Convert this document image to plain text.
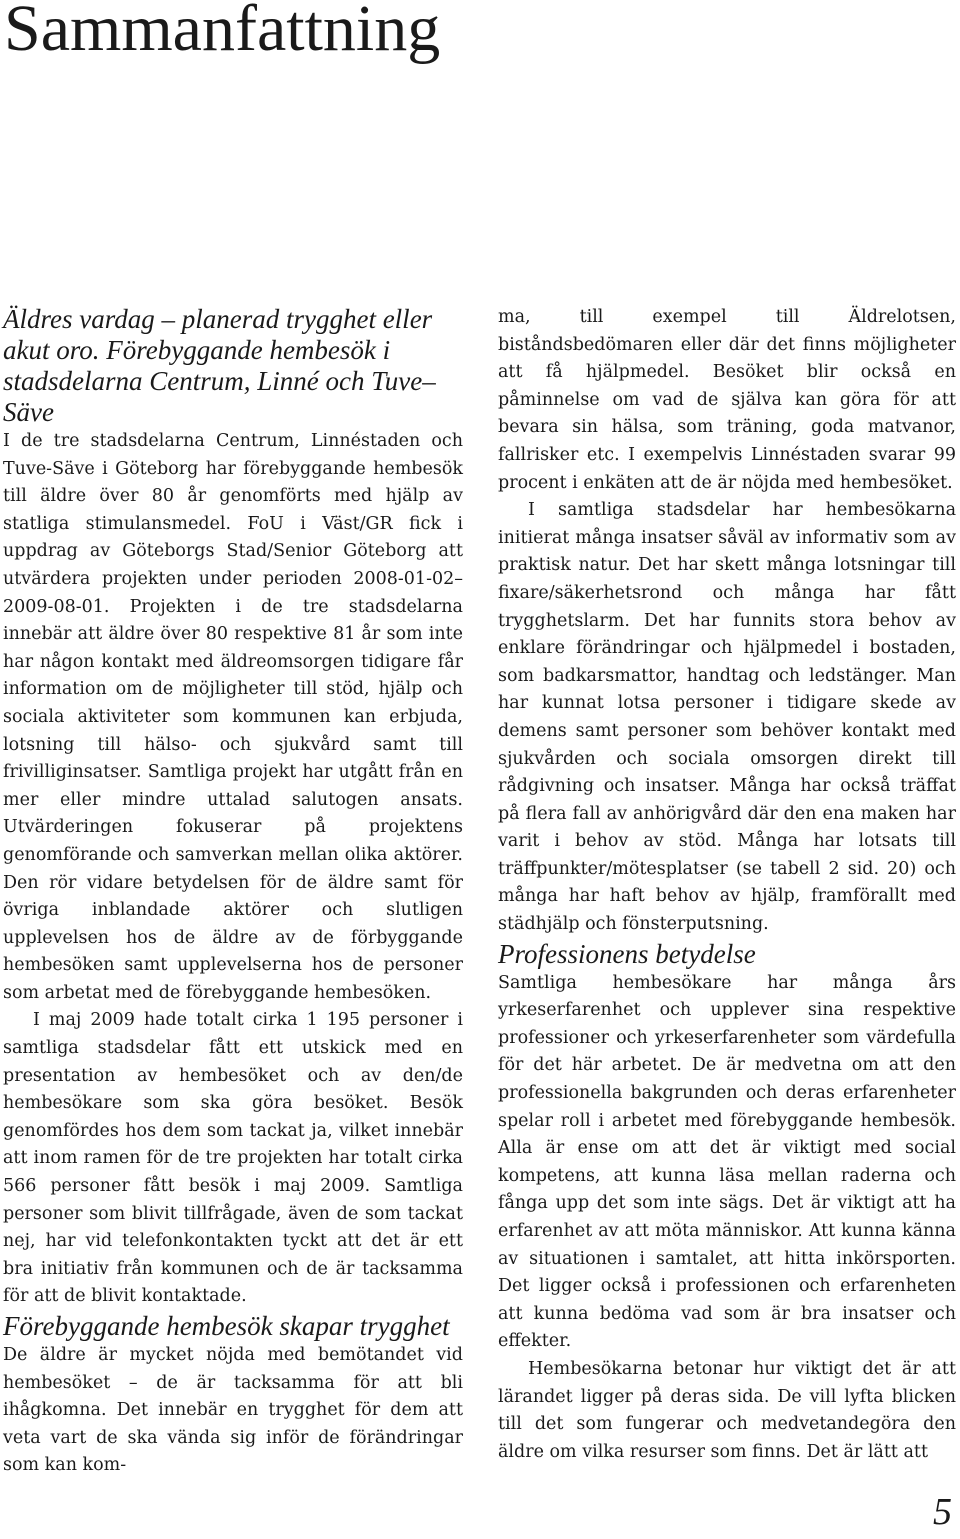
Sammanfattning
Äldres vardag – planerad trygghet eller akut oro. Förebyggande hembesök i stadsdelarna Centrum, Linné och Tuve–Säve

I de tre stadsdelarna Centrum, Linnéstaden och Tuve-Säve i Göteborg har förebyggande hembesök till äldre över 80 år genomförts med hjälp av statliga stimulansmedel. FoU i Väst/GR fick i uppdrag av Göteborgs Stad/Senior Göteborg att utvärdera projekten under perioden 2008-01-02–2009-08-01. Projekten i de tre stadsdelarna innebär att äldre över 80 respektive 81 år som inte har någon kontakt med äldreomsorgen tidigare får information om de möjligheter till stöd, hjälp och sociala aktiviteter som kommunen kan erbjuda, lotsning till hälso- och sjukvård samt till frivilliginsatser. Samtliga projekt har utgått från en mer eller mindre uttalad salutogen ansats. Utvärderingen fokuserar på projektens genomförande och samverkan mellan olika aktörer. Den rör vidare betydelsen för de äldre samt för övriga inblandade aktörer och slutligen upplevelsen hos de äldre av de förbyggande hembesöken samt upplevelserna hos de personer som arbetat med de förebyggande hembesöken.

I maj 2009 hade totalt cirka 1 195 personer i samtliga stadsdelar fått ett utskick med en presentation av hembesöket och av den/de hembesökare som ska göra besöket. Besök genomfördes hos dem som tackat ja, vilket innebär att inom ramen för de tre projekten har totalt cirka 566 personer fått besök i maj 2009. Samtliga personer som blivit tillfrågade, även de som tackat nej, har vid telefonkontakten tyckt att det är ett bra initiativ från kommunen och de är tacksamma för att de blivit kontaktade.

Förebyggande hembesök skapar trygghet

De äldre är mycket nöjda med bemötandet vid hembesöket – de är tacksamma för att bli ihågkomna. Det innebär en trygghet för dem att veta vart de ska vända sig inför de förändringar som kan kom-

ma, till exempel till Äldrelotsen, biståndsbedömaren eller där det finns möjligheter att få hjälpmedel. Besöket blir också en påminnelse om vad de själva kan göra för att bevara sin hälsa, som träning, goda matvanor, fallrisker etc. I exempelvis Linnéstaden svarar 99 procent i enkäten att de är nöjda med hembesöket.

I samtliga stadsdelar har hembesökarna initierat många insatser såväl av informativ som av praktisk natur. Det har skett många lotsningar till fixare/säkerhetsrond och många har fått trygghetslarm. Det har funnits stora behov av enklare förändringar och hjälpmedel i bostaden, som badkarsmattor, handtag och ledstänger. Man har kunnat lotsa personer i tidigare skede av demens samt personer som behöver kontakt med sjukvården och sociala omsorgen direkt till rådgivning och insatser. Många har också träffat på flera fall av anhörigvård där den ena maken har varit i behov av stöd. Många har lotsats till träffpunkter/mötesplatser (se tabell 2 sid. 20) och många har haft behov av hjälp, framförallt med städhjälp och fönsterputsning.

Professionens betydelse

Samtliga hembesökare har många års yrkeserfarenhet och upplever sina respektive professioner och yrkeserfarenheter som värdefulla för det här arbetet. De är medvetna om att den professionella bakgrunden och deras erfarenheter spelar roll i arbetet med förebyggande hembesök. Alla är ense om att det är viktigt med social kompetens, att kunna läsa mellan raderna och fånga upp det som inte sägs. Det är viktigt att ha erfarenhet av att möta människor. Att kunna känna av situationen i samtalet, att hitta inkörsporten. Det ligger också i professionen och erfarenheten att kunna bedöma vad som är bra insatser och effekter.

Hembesökarna betonar hur viktigt det är att lärandet ligger på deras sida. De vill lyfta blicken till det som fungerar och medvetandegöra den äldre om vilka resurser som finns. Det är lätt att

5
